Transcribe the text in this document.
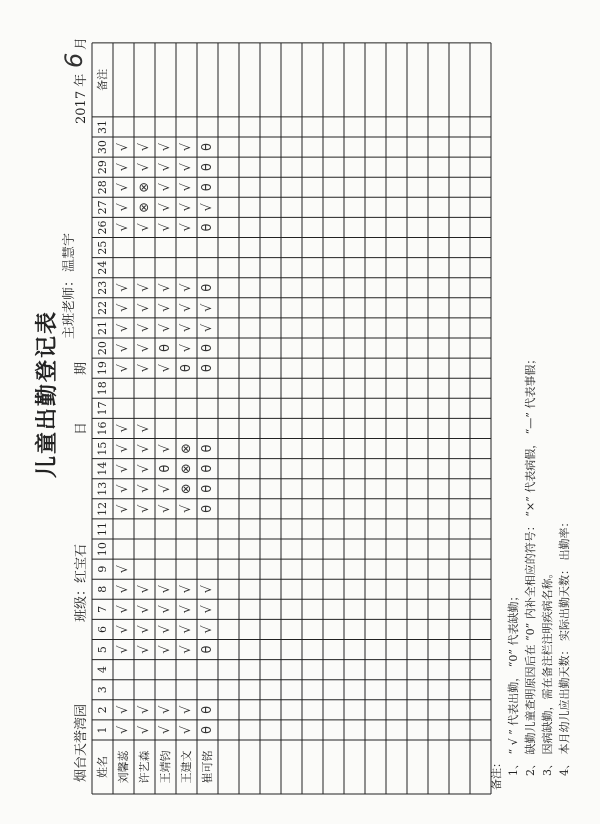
儿童出勤登记表
烟台天誉湾园
班级：红宝石
日
期
主班老师：
温慧宇
2017 年
6
月
姓名
1
2
3
4
5
6
7
8
9
10
11
12
13
14
15
16
17
18
19
20
21
22
23
24
25
26
27
28
29
30
31
备注
刘馨蕊
√
√
√
√
√
√
√
√
√
√
√
√
√
√
√
√
√
√
√
√
√
√
许艺森
√
√
√
√
√
√
√
√
√
√
√
√
√
√
√
√
√
⊗
⊗
√
√
王靖钧
√
√
√
√
√
√
√
√
θ
√
√
θ
√
√
√
√
√
√
√
√
王建文
√
√
√
√
√
√
√
⊗
⊗
⊗
θ
√
√
√
√
√
√
√
√
√
崔可铭
θ
θ
θ
√
√
√
θ
θ
θ
θ
θ
θ
√
√
θ
θ
√
θ
θ
θ
备注： 1、 “ √ ” 代表出勤， “0” 代表缺勤； 2、 缺勤儿童查明原因后在 “0” 内补全相应的符号： “×” 代表病假， “—” 代表事假； 3、 因病缺勤，需在备注栏注明疾病名称。 4、 本月幼儿应出勤天数： 实际出勤天数： 出勤率：
